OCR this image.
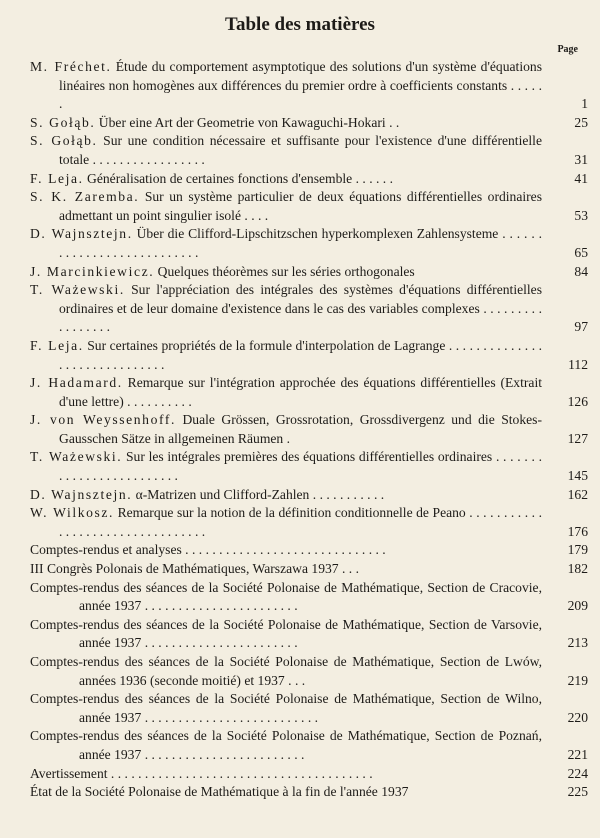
Table des matières
Page
M. Fréchet. Étude du comportement asymptotique des solutions d'un système d'équations linéaires non homogènes aux différences du premier ordre à coefficients constants . . . . . .	1
S. Gołąb. Über eine Art der Geometrie von Kawaguchi-Hokari . .	25
S. Gołąb. Sur une condition nécessaire et suffisante pour l'existence d'une différentielle totale . . . . . . . . . . . . . . . . .	31
F. Leja. Généralisation de certaines fonctions d'ensemble . . . . . .	41
S. K. Zaremba. Sur un système particulier de deux équations différentielles ordinaires admettant un point singulier isolé . . . .	53
D. Wajnsztejn. Über die Clifford-Lipschitzschen hyperkomplexen Zahlensysteme . . . . . . . . . . . . . . . . . . . . . . . . . . .	65
J. Marcinkiewicz. Quelques théorèmes sur les séries orthogonales	84
T. Ważewski. Sur l'appréciation des intégrales des systèmes d'équations différentielles ordinaires et de leur domaine d'existence dans le cas des variables complexes . . . . . . . . . . . . . . . . .	97
F. Leja. Sur certaines propriétés de la formule d'interpolation de Lagrange . . . . . . . . . . . . . . . . . . . . . . . . . . . . . .	112
J. Hadamard. Remarque sur l'intégration approchée des équations différentielles (Extrait d'une lettre) . . . . . . . . . .	126
J. von Weyssenhoff. Duale Grössen, Grossrotation, Grossdivergenz und die Stokes-Gausschen Sätze in allgemeinen Räumen .	127
T. Ważewski. Sur les intégrales premières des équations différentielles ordinaires . . . . . . . . . . . . . . . . . . . . . . . . .	145
D. Wajnsztejn. α-Matrizen und Clifford-Zahlen . . . . . . . . . . .	162
W. Wilkosz. Remarque sur la notion de la définition conditionnelle de Peano . . . . . . . . . . . . . . . . . . . . . . . . . . . . . . . . .	176
Comptes-rendus et analyses . . . . . . . . . . . . . . . . . . . . . . . . . . . . . .	179
III Congrès Polonais de Mathématiques, Warszawa 1937 . . .	182
Comptes-rendus des séances de la Société Polonaise de Mathématique, Section de Cracovie, année 1937 . . . . . . . . . . . . . . . . . . . . . . .	209
Comptes-rendus des séances de la Société Polonaise de Mathématique, Section de Varsovie, année 1937 . . . . . . . . . . . . . . . . . . . . . . .	213
Comptes-rendus des séances de la Société Polonaise de Mathématique, Section de Lwów, années 1936 (seconde moitié) et 1937 . . .	219
Comptes-rendus des séances de la Société Polonaise de Mathématique, Section de Wilno, année 1937 . . . . . . . . . . . . . . . . . . . . . . . . . .	220
Comptes-rendus des séances de la Société Polonaise de Mathématique, Section de Poznań, année 1937 . . . . . . . . . . . . . . . . . . . . . . . .	221
Avertissement . . . . . . . . . . . . . . . . . . . . . . . . . . . . . . . . . . . . . . .	224
État de la Société Polonaise de Mathématique à la fin de l'année 1937	225
